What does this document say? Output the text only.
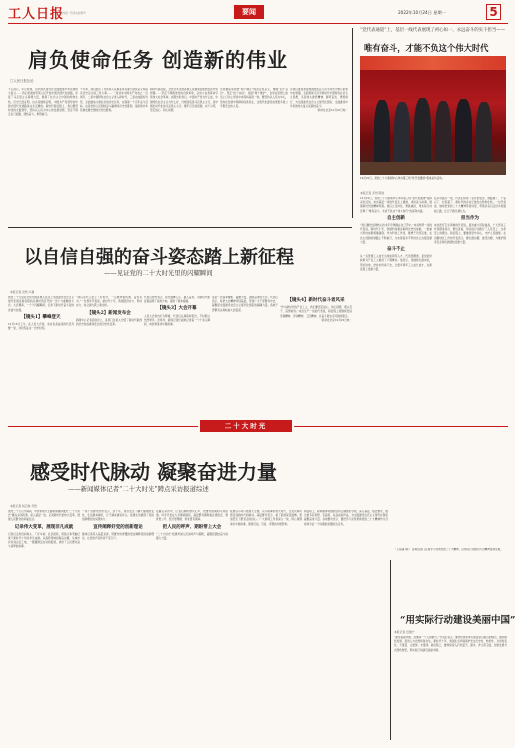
工人日报
国内统一连续出版物号	要闻	2022年10月24日 星期一	5
肩负使命任务 创造新的伟业
□人民日报社论
不忘初心，牢记使命，以中国式现代化全面推进中华民族伟大复兴…… 我们党团结带领人民开创中国式现代化道路，彰显了马克思主义真理力量，展现了社会主义中国的勃勃生机。历史已经证明，也必将继续证明，中国共产党领导的中国式现代化道路是完全正确的。新时代新征程上，我们要坚持党的全面领导，坚持以人民为中心的发展思想，坚定不移走自己的路，团结奋斗，勇毅前行。
十年来，我们经历了对党和人民事业具有重大现实意义和深远历史意义的三件大事…… 一是迎来中国共产党成立一百周年，二是中国特色社会主义进入新时代，三是完成脱贫攻坚、全面建成小康社会的历史任务，实现第一个百年奋斗目标。这是党和人民团结奋斗赢得的历史性胜利，是彪炳中华民族发展史册的历史性胜利。
新时代新征程，全党全军全国各族人民要紧密团结在党中央周围…… 坚定不移推进党的自我革命，以伟大自我革命引领伟大社会革命。实践告诉我们，中国共产党为什么能，中国特色社会主义为什么好，归根到底是马克思主义行，是中国化时代化的马克思主义行。要牢记空谈误国、实干兴邦，坚定信心、同心同德。
全党要深刻领悟“两个确立”的决定性意义，增强“四个意识”、坚定“四个自信”、做到“两个维护”，自觉在思想上政治上行动上同党中央保持高度一致。要坚持以人民为中心，坚持在发展中保障和改善民生，让现代化建设成果更多更公平惠及全体人民。
让我们更加紧密地团结在以习近平同志为核心的党中央周围，全面贯彻习近平新时代中国特色社会主义思想，弘扬伟大建党精神，踔厉奋发、勇毅前行，为全面建设社会主义现代化国家、全面推进中华民族伟大复兴而团结奋斗！
（新华社北京10月23日电）
“党代表通道”上，基层一线代表展现了初心如一、永远奋斗的实干担当——
唯有奋斗，才能不负这个伟大时代
10月22日，党的二十大新闻中心举办第三场“党代表通道”集体采访活动。
本报记者 乔然 陈俊
10月22日，党的二十大新闻中心举办第三场“党代表通道”集体采访活动，来自基层一线的代表走上通道，讲述奋斗故事，展现新时代的精神风貌。他们立足岗位、勇挑重担，用实际行动诠释了“唯有奋斗，才能不负这个伟大时代”的深刻内涵。
自主创新
“我们要把关键核心技术牢牢掌握在自己手中。”来自科研一线的代表说，新时代十年，我国科技事业取得历史性成就，一批重大科技成果相继涌现。作为科技工作者，要勇于攻坚克难，在自主创新的道路上不断前行，为实现高水平科技自立自强贡献力量。
奋斗不止
从一名普通工人成长为技能领军人才，代表感慨道，是党的好政策为产业工人提供了广阔舞台。他表示，将继续扎根岗位，带好徒弟，把技术传承下去，让更多青年工人成长成才，在新征程上贡献力量。
在乡村振兴一线，代表们讲述了家乡的变化。道路通了、产业兴了、村民富了，新时代的乡村正焕发出勃勃生机。一位代表说，她将把党的二十大精神带回村里，带领乡亲们走好共同富裕之路，让日子越过越红火。
担当作为
来自医疗卫生领域的代表说，面对重大风险挑战，广大医务工作者挺身而出、勇往直前，用实际行动践行了人民至上、生命至上的理念。新征程上，要继续坚守初心，守护人民健康。在边疆地区工作的代表表示，要扎根边疆、建设边疆，为维护国家安全和民族团结贡献力量。
以自信自强的奋斗姿态踏上新征程
——见证党的二十大时光里的闪耀瞬间
本报记者 田然 卢越
党的二十大是在全党全国各族人民迈上全面建设社会主义现代化国家新征程的关键时刻召开的一次十分重要的大会。大会期间，一个个闪耀瞬间，记录下新时代奋斗者的自信与自强。
【镜头1】攀峰登天
10月16日上午，在人民大会堂，来自各条战线的代表齐聚一堂，共同见证这一历史时刻。
“我们这代人赶上了好时代，一定要珍惜机遇、奋发有为。”一位青年代表说。新时代十年，我国经济实力、科技实力、综合国力跃上新台阶。
【镜头2】新闻发布会
新闻中心记者招待会上，各部门负责人介绍了新时代取得的历史性成就和发生的历史性变革。
代表们纷纷表示，报告鼓舞人心、催人奋进，为新时代新征程指明了前进方向，提供了根本遵循。
【镜头3】大会开幕
人民大会堂内灯火辉煌，代表们认真聆听报告，不时报以热烈掌声。会场外，新闻记者忙碌地记录着一个个动人瞬间，向世界讲述中国故事。
这是一次高举旗帜、凝聚力量、团结奋进的大会。代表们表示，将把大会精神带回基层，带到广大干部群众中去，凝聚起全面建设社会主义现代化国家的磅礴力量。各地干部群众认真收看大会盛况。
【镜头4】新时代奋斗者风采
“作为新时代的产业工人，我们要坚定信心、同心同德，埋头苦干、奋勇前进。”来自生产一线的代表说，新征程上将继续发扬劳模精神、劳动精神、工匠精神，以奋斗姿态书写新的篇章。
（新华社北京10月23日电）
二十大时光
感受时代脉动 凝聚奋进力量
——新闻媒体记者“二十大时光”蹲点采访报道综述
本报记者 杨召奎 乔然
党的二十大召开期间，中央和地方主要新闻媒体推出“二十大时光”蹲点采访报道，深入基层一线，记录新时代的伟大变革，展现人民群众的幸福生活。
记录伟大变革，展现非凡成就
记者们走进田间地头、厂矿车间、社区街巷，用镜头和笔触记录下新时代十年的非凡成就。从高原雪域到海岛边疆，从城市乡村到企业工地，一篇篇鲜活生动的报道，讲述了人民群众奋斗追梦的故事。
一线干部群众纷纷表示，这十年，身边发生了翻天覆地的变化，生活越来越好，日子越来越有奔头。报道生动展现了党的创新理论的实践伟力。
宣传阐释好党的创新理论
媒体记者深入基层宣讲，用群众听得懂的语言阐释党的创新理论，让党的声音传进千家万户。
在蹲点采访中，记者们倾听群众心声，把群众的期盼写进报道。许多代表在大会期间提到，基层群众期盼就业更稳定、教育更公平、医疗更便捷、养老更有保障。
把人民的呼声、期盼带上大会
“二十大时光”报道传递人民的呼声与期盼，凝聚起团结奋斗的强大力量。
报道以小切口展现大主题，以小故事折射大时代，让受众真切感受到新时代的脉动。基层群众表示，看了报道深受鼓舞，更加坚定了跟党走的信心。广大新闻工作者深入一线，用心用情讲好中国故事，展现可信、可爱、可敬的中国形象。
新征程上，新闻媒体将继续坚持正确舆论导向，深入基层、贴近群众，推出更多有思想、有温度、有品质的作品，为全面建设社会主义现代化国家凝聚奋进力量。各地群众表示，要把学习宣传贯彻党的二十大精神作为当前和今后一个时期的首要政治任务。
（上接第1版） 各地各部门认真学习贯彻党的二十大精神，以实际行动推动大会精神落地生根。
“用实际行动建设美丽中国”
本报记者 田国宁
“建设美丽中国，需要每一个人的参与。”代表们表示，要坚持绿水青山就是金山银山的理念，推动绿色发展，促进人与自然和谐共生。新时代十年，我国生态环境保护发生历史性、转折性、全局性变化，天更蓝、山更绿、水更清。新征程上，要持续深入打好蓝天、碧水、净土保卫战，加快发展方式绿色转型，用实际行动建设美丽中国。
